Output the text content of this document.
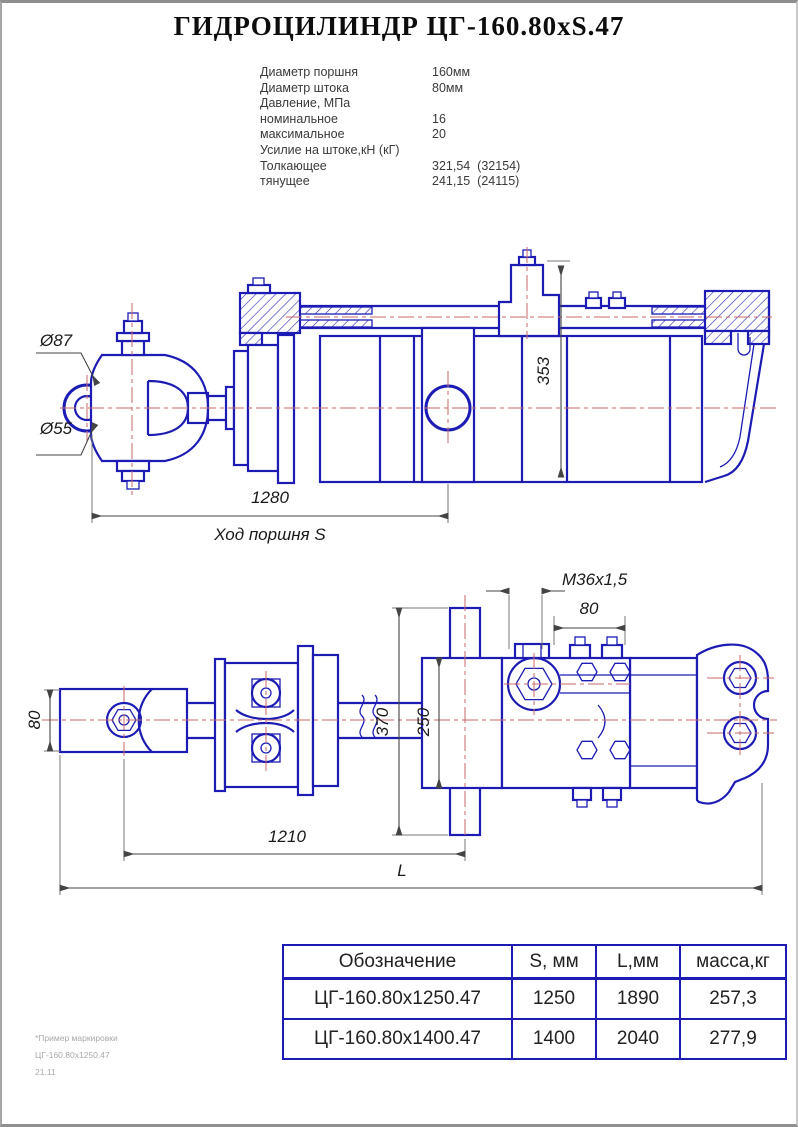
ГИДРОЦИЛИНДР ЦГ-160.80xS.47
Диаметр поршня	160мм
Диаметр штока	80мм
Давление, МПа
номинальное	16
максимальное	20
Усилие на штоке,кН (кГ)
Толкающее	321,54  (32154)
тянущее	241,15  (24115)
Ø87
Ø55
353
1280
Ход поршня S
80
M36x1,5
80
370 250
1210
L
Обозначение	S, мм	L,мм	масса,кг
ЦГ-160.80х1250.47	1250	1890	257,3
ЦГ-160.80х1400.47	1400	2040	277,9
*Пример маркировки
ЦГ-160.80х1250.47
21.11
